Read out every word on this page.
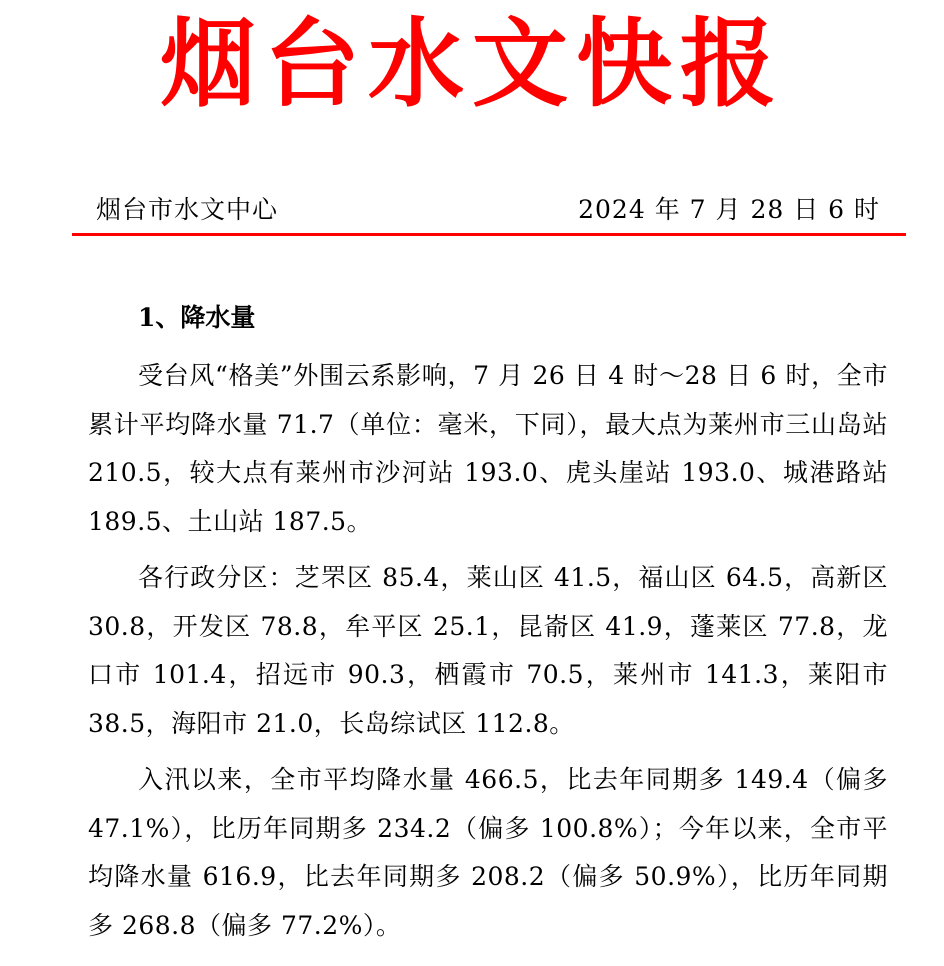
烟台水文快报
烟台市水文中心	2024 年 7 月 28 日 6 时
1、降水量

受台风“格美”外围云系影响，7 月 26 日 4 时～28 日 6 时，全市累计平均降水量 71.7（单位：毫米，下同），最大点为莱州市三山岛站 210.5，较大点有莱州市沙河站 193.0、虎头崖站 193.0、城港路站 189.5、土山站 187.5。

各行政分区：芝罘区 85.4，莱山区 41.5，福山区 64.5，高新区 30.8，开发区 78.8，牟平区 25.1，昆嵛区 41.9，蓬莱区 77.8，龙口市 101.4，招远市 90.3，栖霞市 70.5，莱州市 141.3，莱阳市 38.5，海阳市 21.0，长岛综试区 112.8。

入汛以来，全市平均降水量 466.5，比去年同期多 149.4（偏多 47.1%），比历年同期多 234.2（偏多 100.8%）；今年以来，全市平均降水量 616.9，比去年同期多 208.2（偏多 50.9%），比历年同期多 268.8（偏多 77.2%）。
